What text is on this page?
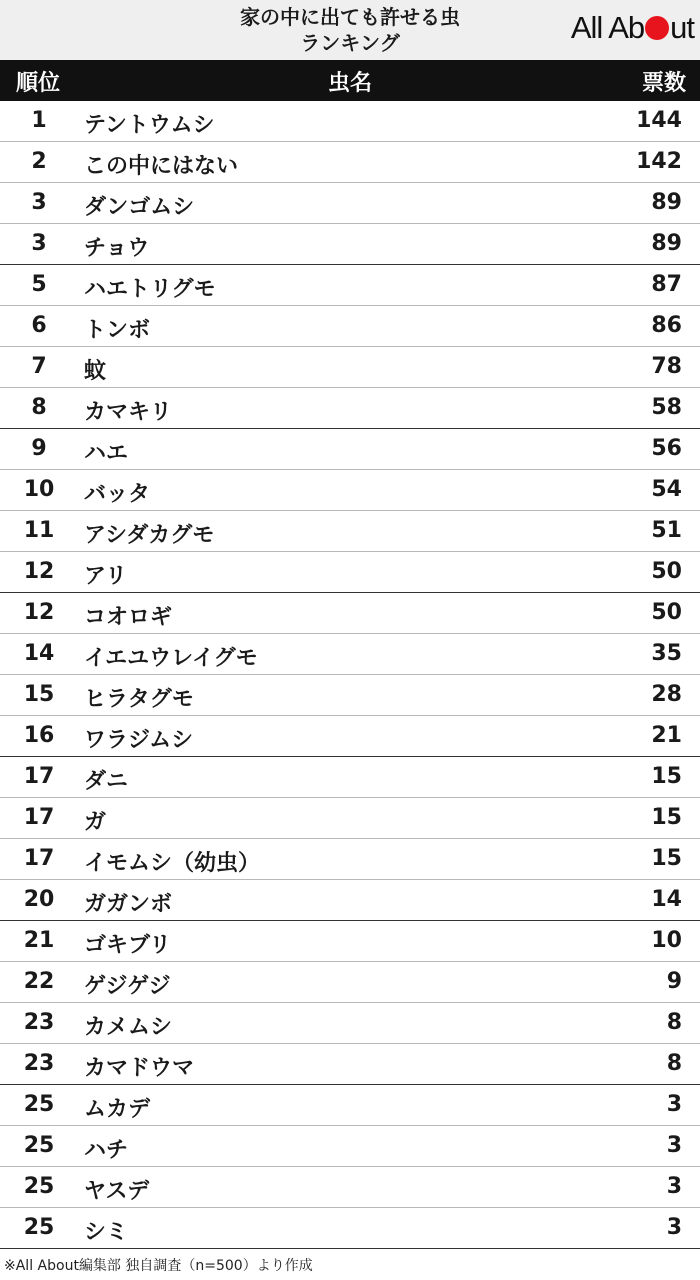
家の中に出ても許せる虫
ランキング	All Ab ut
順位	虫名	票数
1	テントウムシ	144
2	この中にはない	142
3	ダンゴムシ	89
3	チョウ	89
5	ハエトリグモ	87
6	トンボ	86
7	蚊	78
8	カマキリ	58
9	ハエ	56
10	バッタ	54
11	アシダカグモ	51
12	アリ	50
12	コオロギ	50
14	イエユウレイグモ	35
15	ヒラタグモ	28
16	ワラジムシ	21
17	ダニ	15
17	ガ	15
17	イモムシ（幼虫）	15
20	ガガンボ	14
21	ゴキブリ	10
22	ゲジゲジ	9
23	カメムシ	8
23	カマドウマ	8
25	ムカデ	3
25	ハチ	3
25	ヤスデ	3
25	シミ	3
※All About編集部 独自調査（n=500）より作成
